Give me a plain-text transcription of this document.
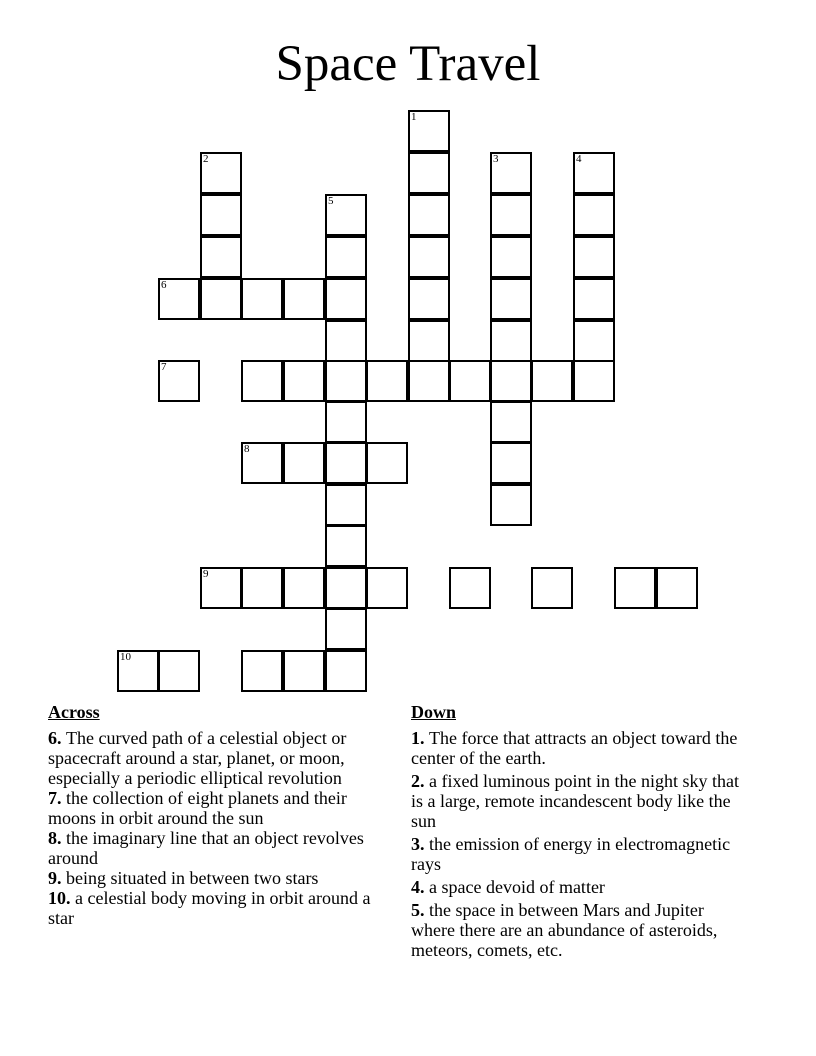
Space Travel
1
2	3	4
5
6
7
8
9
10
Across
6. The curved path of a celestial object or spacecraft around a star, planet, or moon, especially a periodic elliptical revolution
7. the collection of eight planets and their moons in orbit around the sun
8. the imaginary line that an object revolves around
9. being situated in between two stars
10. a celestial body moving in orbit around a star
Down
1. The force that attracts an object toward the center of the earth.
2. a fixed luminous point in the night sky that is a large, remote incandescent body like the sun
3. the emission of energy in electromagnetic rays
4. a space devoid of matter
5. the space in between Mars and Jupiter where there are an abundance of asteroids, meteors, comets, etc.
